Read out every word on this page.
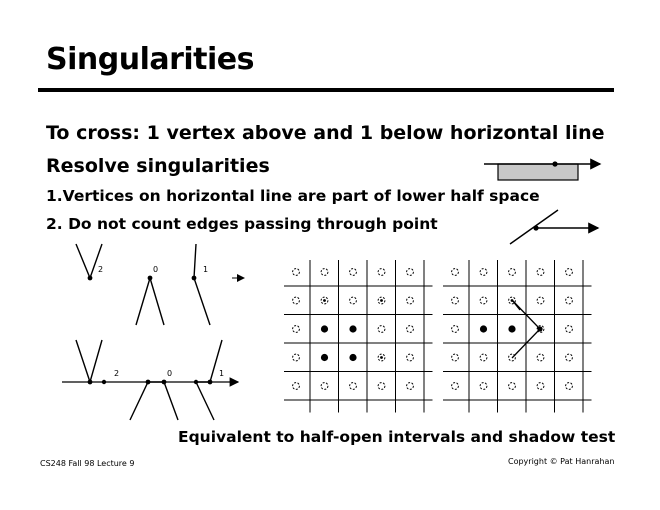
Singularities
To cross: 1 vertex above and 1 below horizontal line
Resolve singularities
1.Vertices on horizontal line are part of lower half space
2. Do not count edges passing through point
2	0	1
2	0	1
Equivalent to half-open intervals and shadow test
CS248 Fall 98 Lecture 9	Copyright © Pat Hanrahan
